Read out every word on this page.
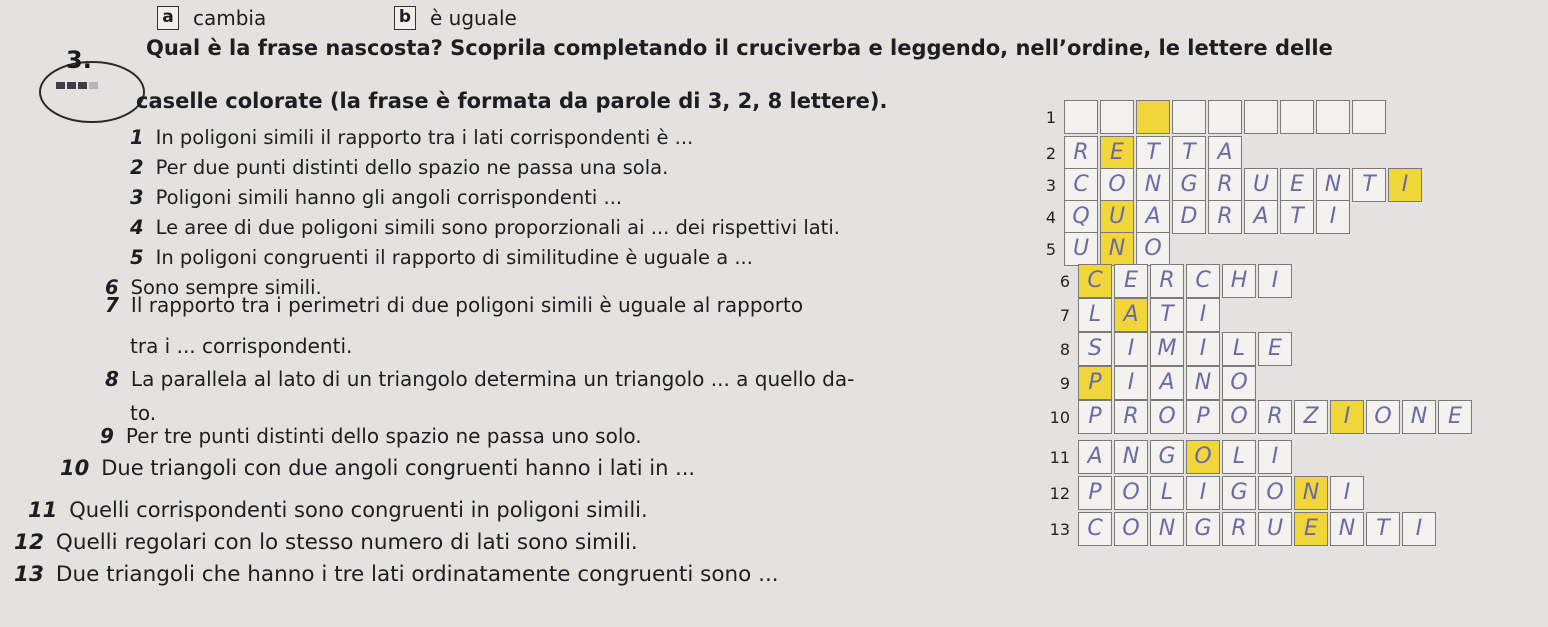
a cambia	b è uguale
3.	Qual è la frase nascosta? Scoprila completando il cruciverba e leggendo, nell’ordine, le lettere delle
caselle colorate (la frase è formata da parole di 3, 2, 8 lettere).
1 In poligoni simili il rapporto tra i lati corrispondenti è ...
2 Per due punti distinti dello spazio ne passa una sola.
3 Poligoni simili hanno gli angoli corrispondenti ...
4 Le aree di due poligoni simili sono proporzionali ai ... dei rispettivi lati.
5 In poligoni congruenti il rapporto di similitudine è uguale a ...
6 Sono sempre simili.
7 Il rapporto tra i perimetri di due poligoni simili è uguale al rapporto
tra i ... corrispondenti.
8 La parallela al lato di un triangolo determina un triangolo ... a quello da-
to.
9 Per tre punti distinti dello spazio ne passa uno solo.
10 Due triangoli con due angoli congruenti hanno i lati in ...
11 Quelli corrispondenti sono congruenti in poligoni simili.
12 Quelli regolari con lo stesso numero di lati sono simili.
13 Due triangoli che hanno i tre lati ordinatamente congruenti sono ...
1
2 R E	T	T A
3 C O N G R U E N T	I
4 Q U A D R A T	I
5 U N O
6 C E R C H	I
7 L	A T	I
8 S	I	M	I	L	E
9 P	I	A N O
10 P R O P O R Z	I	O N E
11 A N G O L	I
12 P O L	I	G O N	I
13 C O N G R U E N T	I
